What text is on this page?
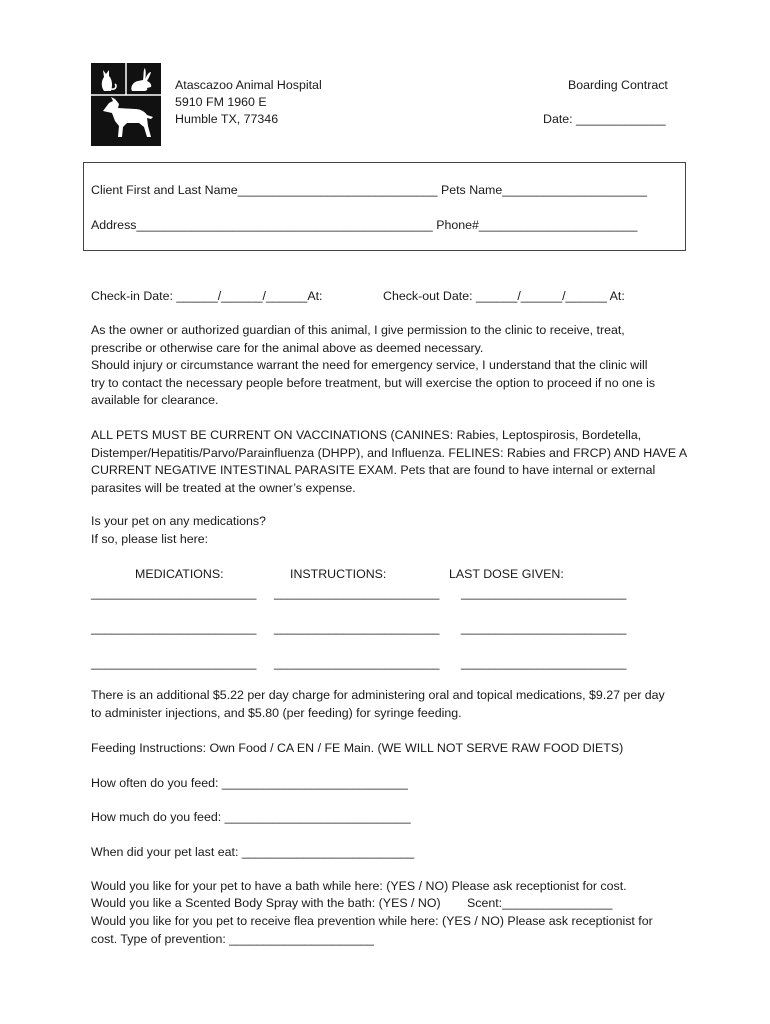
Atascazoo Animal Hospital
5910 FM 1960 E
Humble TX, 77346
Boarding Contract
Date: _____________
Client First and Last Name_____________________________ Pets Name_____________________
Address___________________________________________ Phone#_______________________
Check-in Date: ______/______/______At:	Check-out Date: ______/______/______ At:
As the owner or authorized guardian of this animal, I give permission to the clinic to receive, treat,
prescribe or otherwise care for the animal above as deemed necessary.
Should injury or circumstance warrant the need for emergency service, I understand that the clinic will
try to contact the necessary people before treatment, but will exercise the option to proceed if no one is
available for clearance.
ALL PETS MUST BE CURRENT ON VACCINATIONS (CANINES: Rabies, Leptospirosis, Bordetella,
Distemper/Hepatitis/Parvo/Parainfluenza (DHPP), and Influenza. FELINES: Rabies and FRCP) AND HAVE A
CURRENT NEGATIVE INTESTINAL PARASITE EXAM. Pets that are found to have internal or external
parasites will be treated at the owner’s expense.
Is your pet on any medications?
If so, please list here:
MEDICATIONS:	INSTRUCTIONS:	LAST DOSE GIVEN:
________________________ ________________________ ________________________
________________________ ________________________ ________________________
________________________ ________________________ ________________________
There is an additional $5.22 per day charge for administering oral and topical medications, $9.27 per day
to administer injections, and $5.80 (per feeding) for syringe feeding.
Feeding Instructions: Own Food / CA EN / FE Main. (WE WILL NOT SERVE RAW FOOD DIETS)
How often do you feed: ___________________________
How much do you feed: ___________________________
When did your pet last eat: _________________________
Would you like for your pet to have a bath while here: (YES / NO) Please ask receptionist for cost.
Would you like a Scented Body Spray with the bath: (YES / NO) Scent:________________
Would you like for you pet to receive flea prevention while here: (YES / NO) Please ask receptionist for
cost. Type of prevention: _____________________
